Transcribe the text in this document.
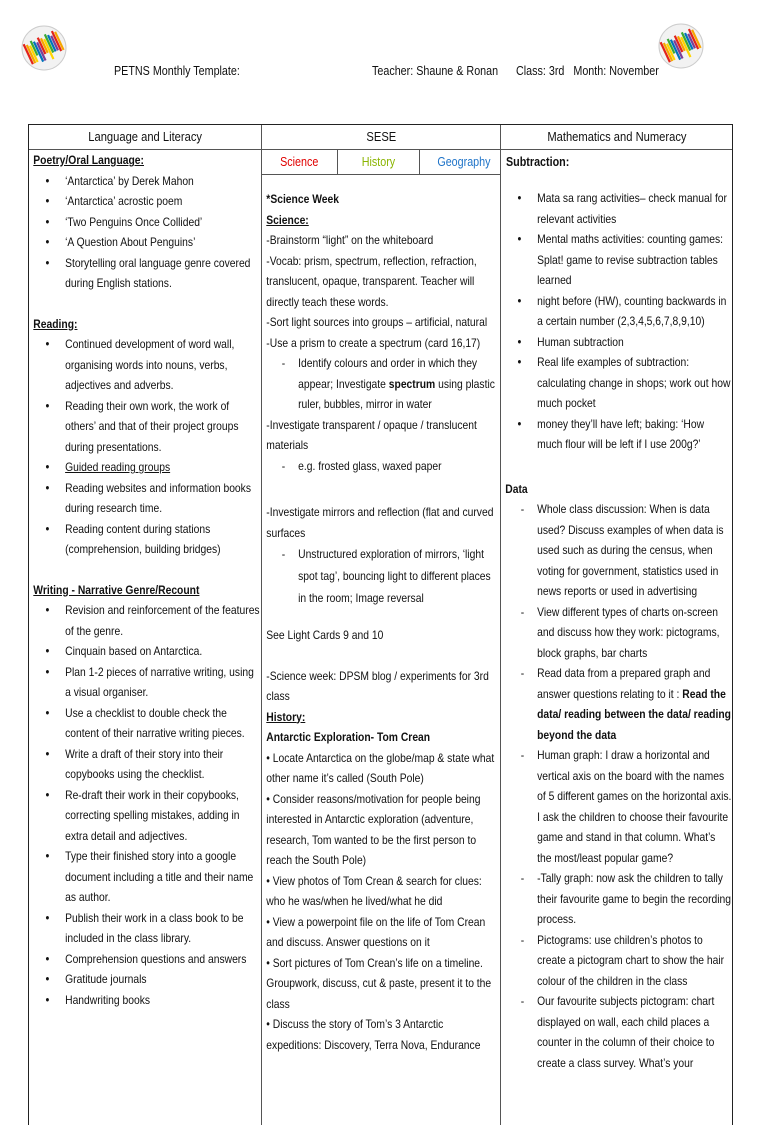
PETNS Monthly Template:	Teacher: Shaune & Ronan      Class: 3rd   Month: November
Language and Literacy
Poetry/Oral Language:
● ‘Antarctica’ by Derek Mahon
● ‘Antarctica’ acrostic poem
● ‘Two Penguins Once Collided’
● ‘A Question About Penguins’
● Storytelling oral language genre covered during English stations.
Reading:
● Continued development of word wall, organising words into nouns, verbs, adjectives and adverbs.
● Reading their own work, the work of others’ and that of their project groups during presentations.
● Guided reading groups
● Reading websites and information books during research time.
● Reading content during stations (comprehension, building bridges)
Writing - Narrative Genre/Recount
● Revision and reinforcement of the features of the genre.
● Cinquain based on Antarctica.
● Plan 1-2 pieces of narrative writing, using a visual organiser.
● Use a checklist to double check the content of their narrative writing pieces.
● Write a draft of their story into their copybooks using the checklist.
● Re-draft their work in their copybooks, correcting spelling mistakes, adding in extra detail and adjectives.
● Type their finished story into a google document including a title and their name as author.
● Publish their work in a class book to be included in the class library.
● Comprehension questions and answers
● Gratitude journals
● Handwriting books
SESE
Science	History	Geography
*Science Week
Science:
-Brainstorm “light” on the whiteboard
-Vocab: prism, spectrum, reflection, refraction, translucent, opaque, transparent. Teacher will directly teach these words.
-Sort light sources into groups – artificial, natural
-Use a prism to create a spectrum (card 16,17)
- Identify colours and order in which they appear; Investigate spectrum using plastic ruler, bubbles, mirror in water
-Investigate transparent / opaque / translucent materials
- e.g. frosted glass, waxed paper
-Investigate mirrors and reflection (flat and curved surfaces
- Unstructured exploration of mirrors, ‘light spot tag’, bouncing light to different places in the room; Image reversal
See Light Cards 9 and 10
-Science week: DPSM blog / experiments for 3rd class
History:
Antarctic Exploration- Tom Crean
• Locate Antarctica on the globe/map & state what other name it’s called (South Pole)
• Consider reasons/motivation for people being interested in Antarctic exploration (adventure, research, Tom wanted to be the first person to reach the South Pole)
• View photos of Tom Crean & search for clues: who he was/when he lived/what he did
• View a powerpoint file on the life of Tom Crean and discuss. Answer questions on it
• Sort pictures of Tom Crean’s life on a timeline. Groupwork, discuss, cut & paste, present it to the class
• Discuss the story of Tom’s 3 Antarctic expeditions: Discovery, Terra Nova, Endurance
Mathematics and Numeracy
Subtraction:
● Mata sa rang activities– check manual for relevant activities
● Mental maths activities: counting games: Splat! game to revise subtraction tables learned
● night before (HW), counting backwards in a certain number (2,3,4,5,6,7,8,9,10)
● Human subtraction
● Real life examples of subtraction: calculating change in shops; work out how much pocket
● money they’ll have left; baking: ‘How much flour will be left if I use 200g?’
Data
- Whole class discussion: When is data used? Discuss examples of when data is used such as during the census, when voting for government, statistics used in news reports or used in advertising
- View different types of charts on-screen and discuss how they work: pictograms, block graphs, bar charts
- Read data from a prepared graph and answer questions relating to it : Read the data/ reading between the data/ reading beyond the data
- Human graph: I draw a horizontal and vertical axis on the board with the names of 5 different games on the horizontal axis. I ask the children to choose their favourite game and stand in that column. What’s the most/least popular game?
- -Tally graph: now ask the children to tally their favourite game to begin the recording process.
- Pictograms: use children’s photos to create a pictogram chart to show the hair colour of the children in the class
- Our favourite subjects pictogram: chart displayed on wall, each child places a counter in the column of their choice to create a class survey. What’s your
